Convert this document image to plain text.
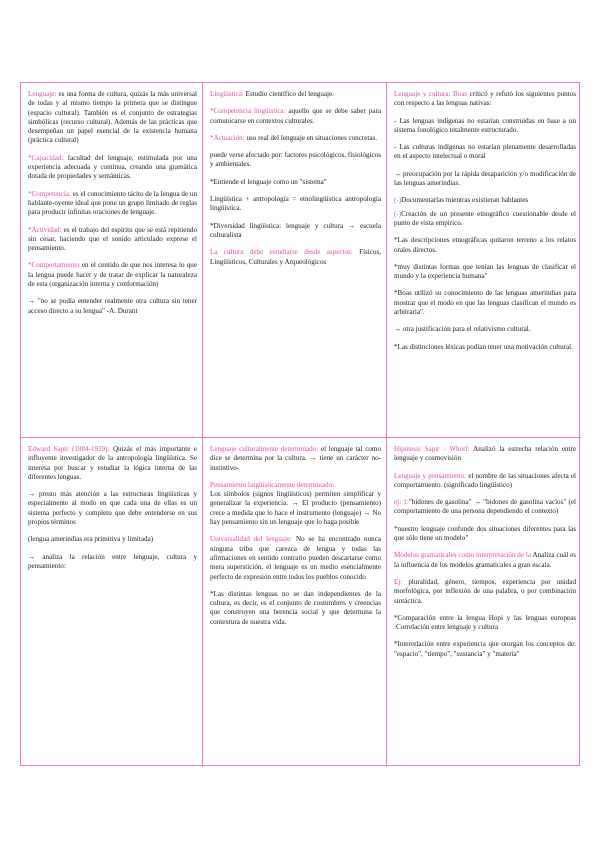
Lenguaje: es una forma de cultura, quizás la más universal de todas y al mismo tiempo la primera que se distingue (espacio cultural). También es el conjunto de estrategias simbólicas (recurso cultural). Además de las prácticas que desempeñan un papel esencial de la existencia humana (práctica cultural)

*Capacidad: facultad del lenguaje, estimulada por una experiencia adecuada y continua, creando una gramática dotada de propiedades y semánticas.

*Competencia: es el conocimiento tácito de la lengua de un hablante-oyente ideal que pone un grupo limitado de reglas para producir infinitas oraciones de lenguaje.

*Actividad: es el trabajo del espíritu que se está repitiendo sin cesar, haciendo que el sonido articulado exprese el pensamiento.

*Comportamiento en el centido de que nos interesa lo que la lengua puede hacer y de tratar de explicar la naturaleza de esta (organización interna y conformación)

→ "no se podía entender realmente otra cultura sin tener acceso directo a su lengua" -A. Durant

Lingüística: Estudio científico del lenguaje.

*Competencia lingüística: aquello que se debe saber para comunicarse en contextos culturales.

*Actuación: uso real del lenguaje en situaciones concretas.

puede verse afectado por: factores psicológicos, fisiológicos y ambientales.

*Entiende el lenguaje como un "sistema"

Lingüística + antropología = etnolingüística antropología lingüística.

*Diversidad lingüística: lenguaje y cultura → escuela culturalista

La cultura debe estudiarse desde aspectos: Físicos, Lingüísticos, Culturales y Arqueológicos

Lenguaje y cultura: Boas criticó y refutó los siguientes puntos con respecto a las lenguas nativas:

- Las lenguas indígenas no estarían construidas en base a un sistema fonológico totalmente estructurado.

- Las culturas indígenas no estarían plenamente desarrolladas en el aspecto intelectual o moral

→ preocupación por la rápida desaparición y/o modificación de las lenguas amerindias.

(-)Documentarlas mientras existieran hablantes

(-)Creación de un presente etnográfico cuestionable desde el punto de vista empírico.

*Las descripciones etnográficas quitaron terreno a los relatos orales directos.

*muy distintas formas que tenían las lenguas de clasificar el mundo y la experiencia humana"

*Boas utilizó su conocimiento de las lenguas amerindias para mostrar que el modo en que las lenguas clasifican el mundo es arbitraria".

→ otra justificación para el relativismo cultural.

*Las distinciones léxicas podían tener una motivación cultural.

Edward Sapir (1884-1939): Quizás el más importante e influyente investigador de la antropología lingüística. Se interesa por buscar y estudiar la lógica interna de las diferentes lenguas.

→ presto más atención a las estructuras lingüísticas y especialmente al modo en que cada una de ellas es un sistema perfecto y completo que debe entenderse en sus propios términos

(lengua amerindias era primitiva y limitada)

→ analiza la relación entre lenguaje, cultura y pensamiento:

Lenguaje culturalmente determinado: el lenguaje tal como dice se determina por la cultura. → tiene un carácter no-instintivo-

Pensamiento lingüísticamente determinado:
Los símbolos (signos lingüísticos) permiten simplificar y generalizar la experiencia. → El producto (pensamiento) crece a medida que lo hace el instrumento (lenguaje) → No hay pensamiento sin un lenguaje que lo haga posible

Universalidad del lenguaje: No se ha encontrado nunca ninguna tribu que carezca de lengua y todas las afirmaciones en sentido contrario pueden descartarse como mera superstición, el lenguaje es un medio esencialmente perfecto de expresión entre todos los pueblos conocido

*Las distintas lenguas no se dan independientes de la cultura, es decir, es el conjunto de costumbres y creencias que construyen una herencia social y que determina la contextura de nuestra vida.

Hipótesis Sapir - Whorf: Analizó la estrecha relación entre lenguaje y cosmovisión

Lenguaje y pensamiento: el nombre de las situaciones afecta el comportamiento. (significado lingüístico)

ej: 1:"bidones de gasolina" → "bidones de gasolina vacíos" (el comportamiento de una persona dependiendo el contexto)

*nuestro lenguaje confunde dos situaciones diferentes para las que sólo tiene un modelo"

Modelos gramaticales como interpretación de la Analiza cuál es la influencia de los modelos gramaticales a gran escala.

Ej: pluralidad, género, tiempos, experiencia por unidad morfológica, por inflexión de una palabra, o por combinación sintáctica.

*Comparación entre la lengua Hopi y las lenguas europeas :Correlación entre lenguaje y cultura

*Interrelación entre experiencia que otorgan los conceptos de: "espacio", "tiempo", "sustancia" y "materia"
